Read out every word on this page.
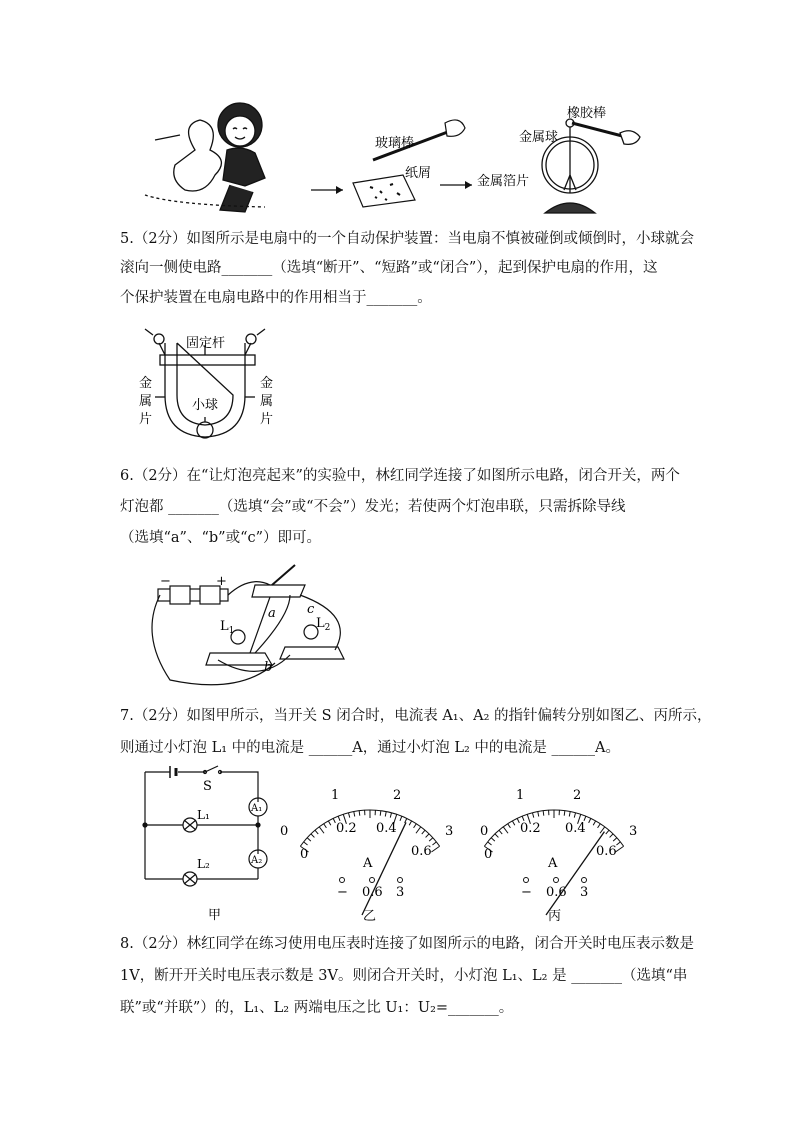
玻璃棒
纸屑
橡胶棒
金属球
金属箔片
5.（2分）如图所示是电扇中的一个自动保护装置：当电扇不慎被碰倒或倾倒时，小球就会
滚向一侧使电路_______（选填“断开”、“短路”或“闭合”），起到保护电扇的作用，这
个保护装置在电扇电路中的作用相当于_______。
固定杆
金
属
片
金
属
片
小球
6.（2分）在“让灯泡亮起来”的实验中，林红同学连接了如图所示电路，闭合开关，两个
灯泡都 _______（选填“会”或“不会”）发光；若使两个灯泡串联，只需拆除导线
（选填“a”、“b”或“c”）即可。
−	+
a c
b
$L_1$	$L_2$
7.（2分）如图甲所示，当开关 S 闭合时，电流表 A₁、A₂ 的指针偏转分别如图乙、丙所示，
则通过小灯泡 L₁ 中的电流是 ______A，通过小灯泡 L₂ 中的电流是 ______A。
S
A₁
A₂
L₁
L₂
甲
0
1	2
3
0
0.2 0.4
0.6
A
− 0.6 3
乙
0
1	2
3
0
0.2 0.4
0.6
A
− 0.6 3
丙
8.（2分）林红同学在练习使用电压表时连接了如图所示的电路，闭合开关时电压表示数是
1V，断开开关时电压表示数是 3V。则闭合开关时，小灯泡 L₁、L₂ 是 _______（选填“串
联”或“并联”）的，L₁、L₂ 两端电压之比 U₁：U₂=_______。
